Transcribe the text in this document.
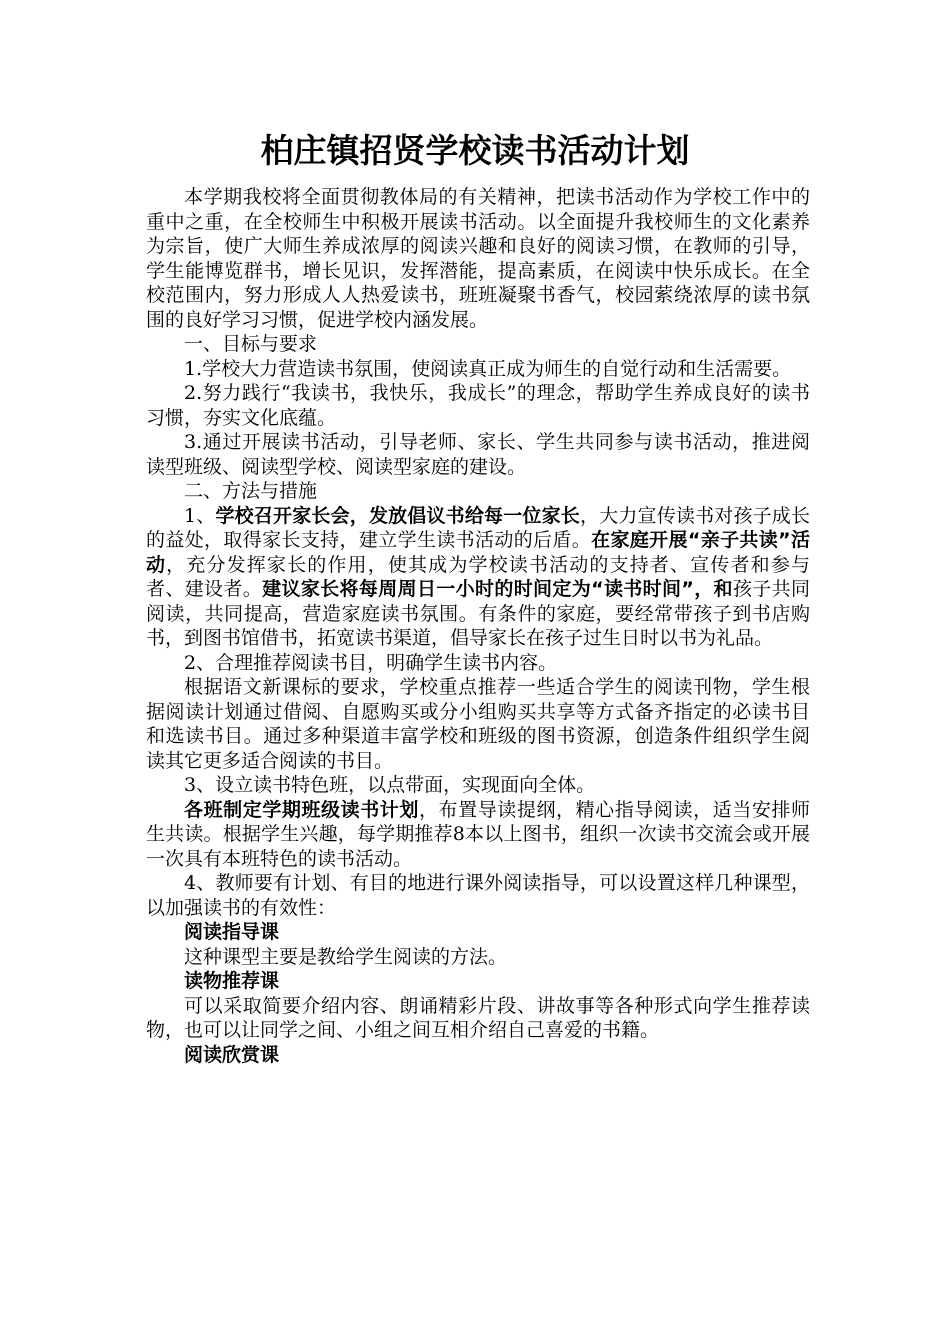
柏庄镇招贤学校读书活动计划

本学期我校将全面贯彻教体局的有关精神，把读书活动作为学校工作中的重中之重，在全校师生中积极开展读书活动。以全面提升我校师生的文化素养为宗旨，使广大师生养成浓厚的阅读兴趣和良好的阅读习惯，在教师的引导，学生能博览群书，增长见识，发挥潜能，提高素质，在阅读中快乐成长。在全校范围内，努力形成人人热爱读书，班班凝聚书香气，校园萦绕浓厚的读书氛围的良好学习习惯，促进学校内涵发展。

一、目标与要求

1.学校大力营造读书氛围，使阅读真正成为师生的自觉行动和生活需要。

2.努力践行“我读书，我快乐，我成长”的理念，帮助学生养成良好的读书习惯，夯实文化底蕴。

3.通过开展读书活动，引导老师、家长、学生共同参与读书活动，推进阅读型班级、阅读型学校、阅读型家庭的建设。

二、方法与措施

1、学校召开家长会，发放倡议书给每一位家长，大力宣传读书对孩子成长的益处，取得家长支持，建立学生读书活动的后盾。在家庭开展“亲子共读”活动，充分发挥家长的作用，使其成为学校读书活动的支持者、宣传者和参与者、建设者。建议家长将每周周日一小时的时间定为“读书时间”，和孩子共同阅读，共同提高，营造家庭读书氛围。有条件的家庭，要经常带孩子到书店购书，到图书馆借书，拓宽读书渠道，倡导家长在孩子过生日时以书为礼品。

2、合理推荐阅读书目，明确学生读书内容。

根据语文新课标的要求，学校重点推荐一些适合学生的阅读刊物，学生根据阅读计划通过借阅、自愿购买或分小组购买共享等方式备齐指定的必读书目和选读书目。通过多种渠道丰富学校和班级的图书资源，创造条件组织学生阅读其它更多适合阅读的书目。

3、设立读书特色班，以点带面，实现面向全体。

各班制定学期班级读书计划，布置导读提纲，精心指导阅读，适当安排师生共读。根据学生兴趣，每学期推荐8本以上图书，组织一次读书交流会或开展一次具有本班特色的读书活动。

4、教师要有计划、有目的地进行课外阅读指导，可以设置这样几种课型，以加强读书的有效性：

阅读指导课

这种课型主要是教给学生阅读的方法。

读物推荐课

可以采取简要介绍内容、朗诵精彩片段、讲故事等各种形式向学生推荐读物，也可以让同学之间、小组之间互相介绍自己喜爱的书籍。

阅读欣赏课
